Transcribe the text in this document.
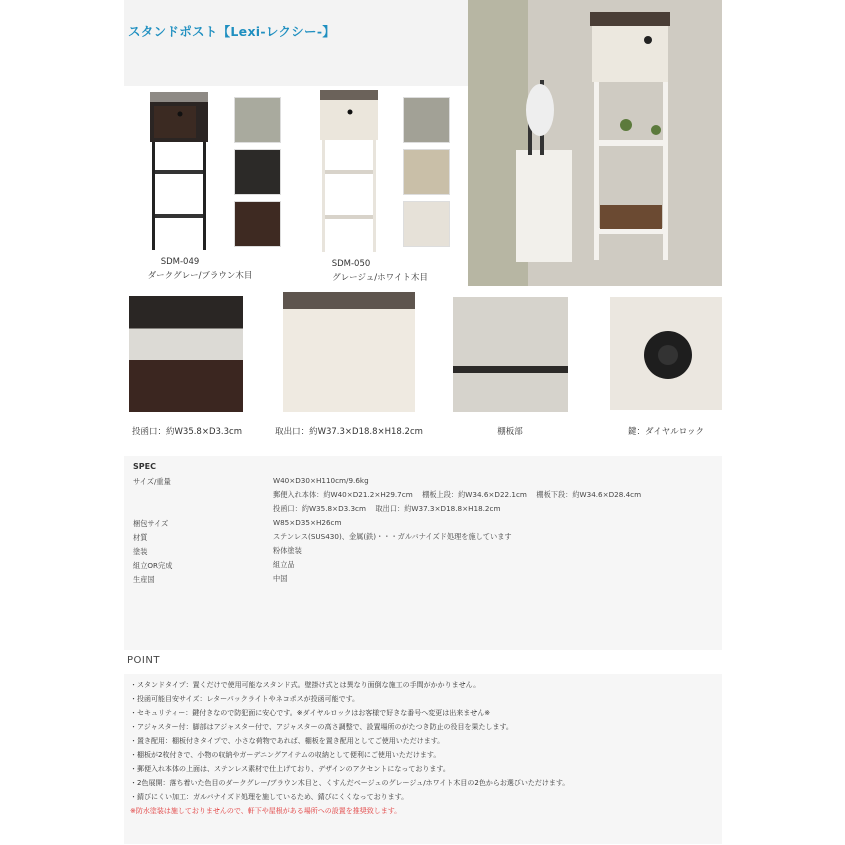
スタンドポスト【Lexi-レクシー-】
SDM-049
ダークグレー/ブラウン木目
SDM-050
グレージュ/ホワイト木目
投函口：約W35.8×D3.3cm	取出口：約W37.3×D18.8×H18.2cm	棚板部	鍵：ダイヤルロック
SPEC
サイズ/重量	W40×D30×H110cm/9.6kg
郵便入れ本体：約W40×D21.2×H29.7cm　 棚板上段：約W34.6×D22.1cm　 棚板下段：約W34.6×D28.4cm
投函口：約W35.8×D3.3cm　 取出口：約W37.3×D18.8×H18.2cm
梱包サイズ	W85×D35×H26cm
材質	ステンレス(SUS430)、金属(鉄)・・・ガルバナイズド処理を施しています
塗装	粉体塗装
組立OR完成	組立品
生産国	中国
POINT
・スタンドタイプ：置くだけで使用可能なスタンド式。壁掛け式とは異なり面倒な施工の手間がかかりません。
・投函可能目安サイズ：レターパックライトやネコポスが投函可能です。
・セキュリティー：鍵付きなので防犯面に安心です。※ダイヤルロックはお客様で好きな番号へ変更は出来ません※
・アジャスター付：脚部はアジャスター付で、アジャスターの高さ調整で、設置場所のがたつき防止の役目を果たします。
・置き配用：棚板付きタイプで、小さな荷物であれば、棚板を置き配用としてご使用いただけます。
・棚板が2枚付きで、小物の収納やガーデニングアイテムの収納として便利にご使用いただけます。
・郵便入れ本体の上面は、ステンレス素材で仕上げており、デザインのアクセントになっております。
・2色展開：落ち着いた色目のダークグレー/ブラウン木目と、くすんだベージュのグレージュ/ホワイト木目の2色からお選びいただけます。
・錆びにくい加工：ガルバナイズド処理を施しているため、錆びにくくなっております。
※防水塗装は施しておりませんので、軒下や屋根がある場所への設置を推奨致します。
